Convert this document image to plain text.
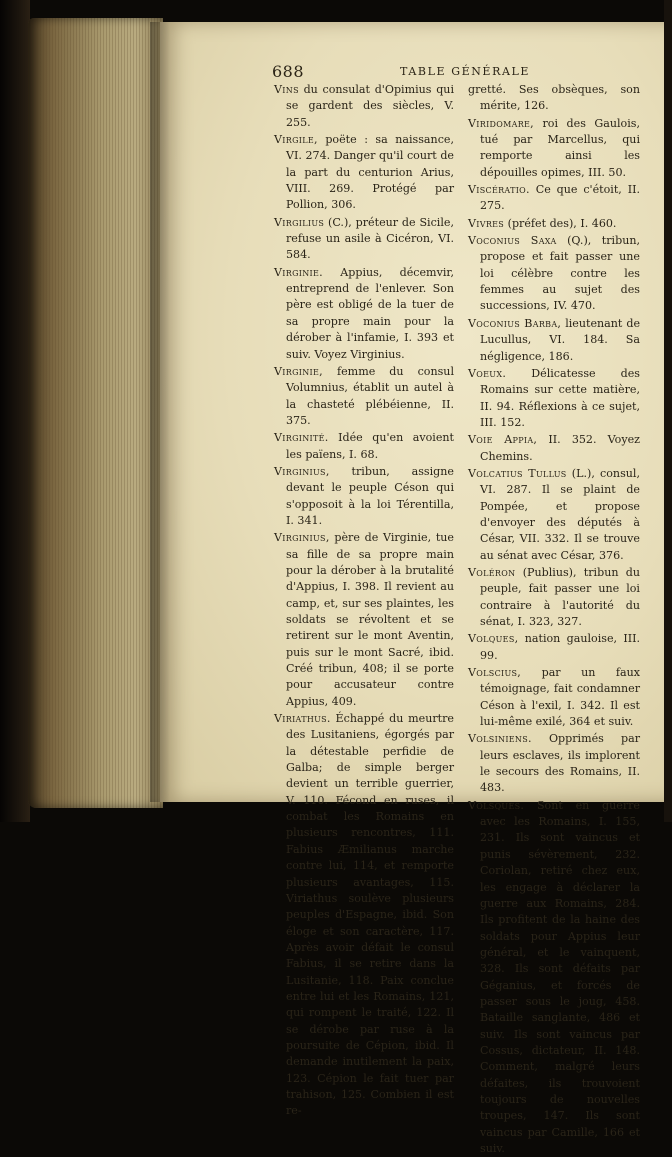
688	TABLE GÉNÉRALE

Vins du consulat d'Opimius qui se gardent des siècles, V. 255.

Virgile, poëte : sa naissance, VI. 274. Danger qu'il court de la part du centurion Arius, VIII. 269. Protégé par Pollion, 306.

Virgilius (C.), préteur de Sicile, refuse un asile à Cicéron, VI. 584.

Virginie. Appius, décemvir, entreprend de l'enlever. Son père est obligé de la tuer de sa propre main pour la dérober à l'infamie, I. 393 et suiv. Voyez Virginius.

Virginie, femme du consul Volumnius, établit un autel à la chasteté plébéienne, II. 375.

Virginité. Idée qu'en avoient les païens, I. 68.

Virginius, tribun, assigne devant le peuple Céson qui s'opposoit à la loi Térentilla, I. 341.

Virginius, père de Virginie, tue sa fille de sa propre main pour la dérober à la brutalité d'Appius, I. 398. Il revient au camp, et, sur ses plaintes, les soldats se révoltent et se retirent sur le mont Aventin, puis sur le mont Sacré, ibid. Créé tribun, 408; il se porte pour accusateur contre Appius, 409.

Viriathus. Échappé du meurtre des Lusitaniens, égorgés par la détestable perfidie de Galba; de simple berger devient un terrible guerrier, V. 110. Fécond en ruses, il combat les Romains en plusieurs rencontres, 111. Fabius Æmilianus marche contre lui, 114, et remporte plusieurs avantages, 115. Viriathus soulève plusieurs peuples d'Espagne, ibid. Son éloge et son caractère, 117. Après avoir défait le consul Fabius, il se retire dans la Lusitanie, 118. Paix conclue entre lui et les Romains, 121, qui rompent le traité, 122. Il se dérobe par ruse à la poursuite de Cépion, ibid. Il demande inutilement la paix, 123. Cépion le fait tuer par trahison, 125. Combien il est re-

gretté. Ses obsèques, son mérite, 126.

Viridomare, roi des Gaulois, tué par Marcellus, qui remporte ainsi les dépouilles opimes, III. 50.

Viscératio. Ce que c'étoit, II. 275.

Vivres (préfet des), I. 460.

Voconius Saxa (Q.), tribun, propose et fait passer une loi célèbre contre les femmes au sujet des successions, IV. 470.

Voconius Barba, lieutenant de Lucullus, VI. 184. Sa négligence, 186.

Voeux. Délicatesse des Romains sur cette matière, II. 94. Réflexions à ce sujet, III. 152.

Voie Appia, II. 352. Voyez Chemins.

Volcatius Tullus (L.), consul, VI. 287. Il se plaint de Pompée, et propose d'envoyer des députés à César, VII. 332. Il se trouve au sénat avec César, 376.

Voléron (Publius), tribun du peuple, fait passer une loi contraire à l'autorité du sénat, I. 323, 327.

Volques, nation gauloise, III. 99.

Volscius, par un faux témoignage, fait condamner Céson à l'exil, I. 342. Il est lui-même exilé, 364 et suiv.

Volsiniens. Opprimés par leurs esclaves, ils implorent le secours des Romains, II. 483.

Volsques. Sont en guerre avec les Romains, I. 155, 231. Ils sont vaincus et punis sévèrement, 232. Coriolan, retiré chez eux, les engage à déclarer la guerre aux Romains, 284. Ils profitent de la haine des soldats pour Appius leur général, et le vainquent, 328. Ils sont défaits par Géganius, et forcés de passer sous le joug, 458. Bataille sanglante, 486 et suiv. Ils sont vaincus par Cossus, dictateur, II. 148. Comment, malgré leurs défaites, ils trouvoient toujours de nouvelles troupes, 147. Ils sont vaincus par Camille, 166 et suiv.
